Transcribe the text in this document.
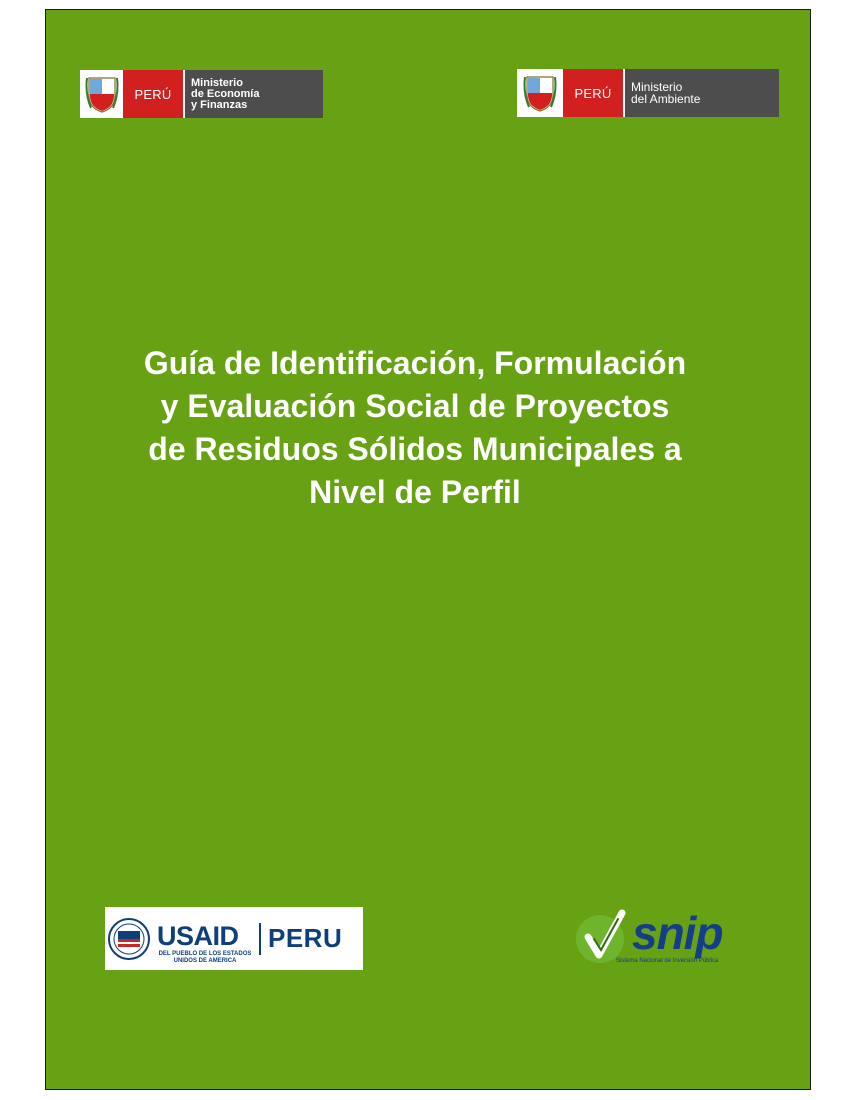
PERÚ
Ministerio
de Economía
y Finanzas
PERÚ	Ministerio
del Ambiente
Guía de Identificación, Formulación
y Evaluación Social de Proyectos
de Residuos Sólidos Municipales a
Nivel de Perfil
USAID
DEL PUEBLO DE LOS ESTADOS UNIDOS DE AMERICA
PERU	snip
Sistema Nacional de Inversión Pública
